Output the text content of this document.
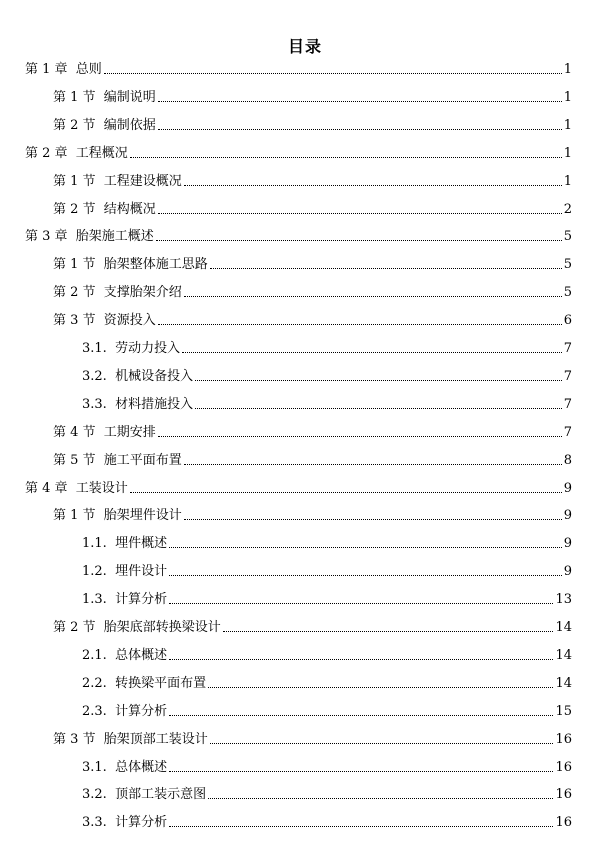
目录
第 1 章  总则	1
第 1 节  编制说明	1
第 2 节  编制依据	1
第 2 章  工程概况	1
第 1 节  工程建设概况	1
第 2 节  结构概况	2
第 3 章  胎架施工概述	5
第 1 节  胎架整体施工思路	5
第 2 节  支撑胎架介绍	5
第 3 节  资源投入	6
3.1.  劳动力投入	7
3.2.  机械设备投入	7
3.3.  材料措施投入	7
第 4 节  工期安排	7
第 5 节  施工平面布置	8
第 4 章  工装设计	9
第 1 节  胎架埋件设计	9
1.1.  埋件概述	9
1.2.  埋件设计	9
1.3.  计算分析	13
第 2 节  胎架底部转换梁设计	14
2.1.  总体概述	14
2.2.  转换梁平面布置	14
2.3.  计算分析	15
第 3 节  胎架顶部工装设计	16
3.1.  总体概述	16
3.2.  顶部工装示意图	16
3.3.  计算分析	16
